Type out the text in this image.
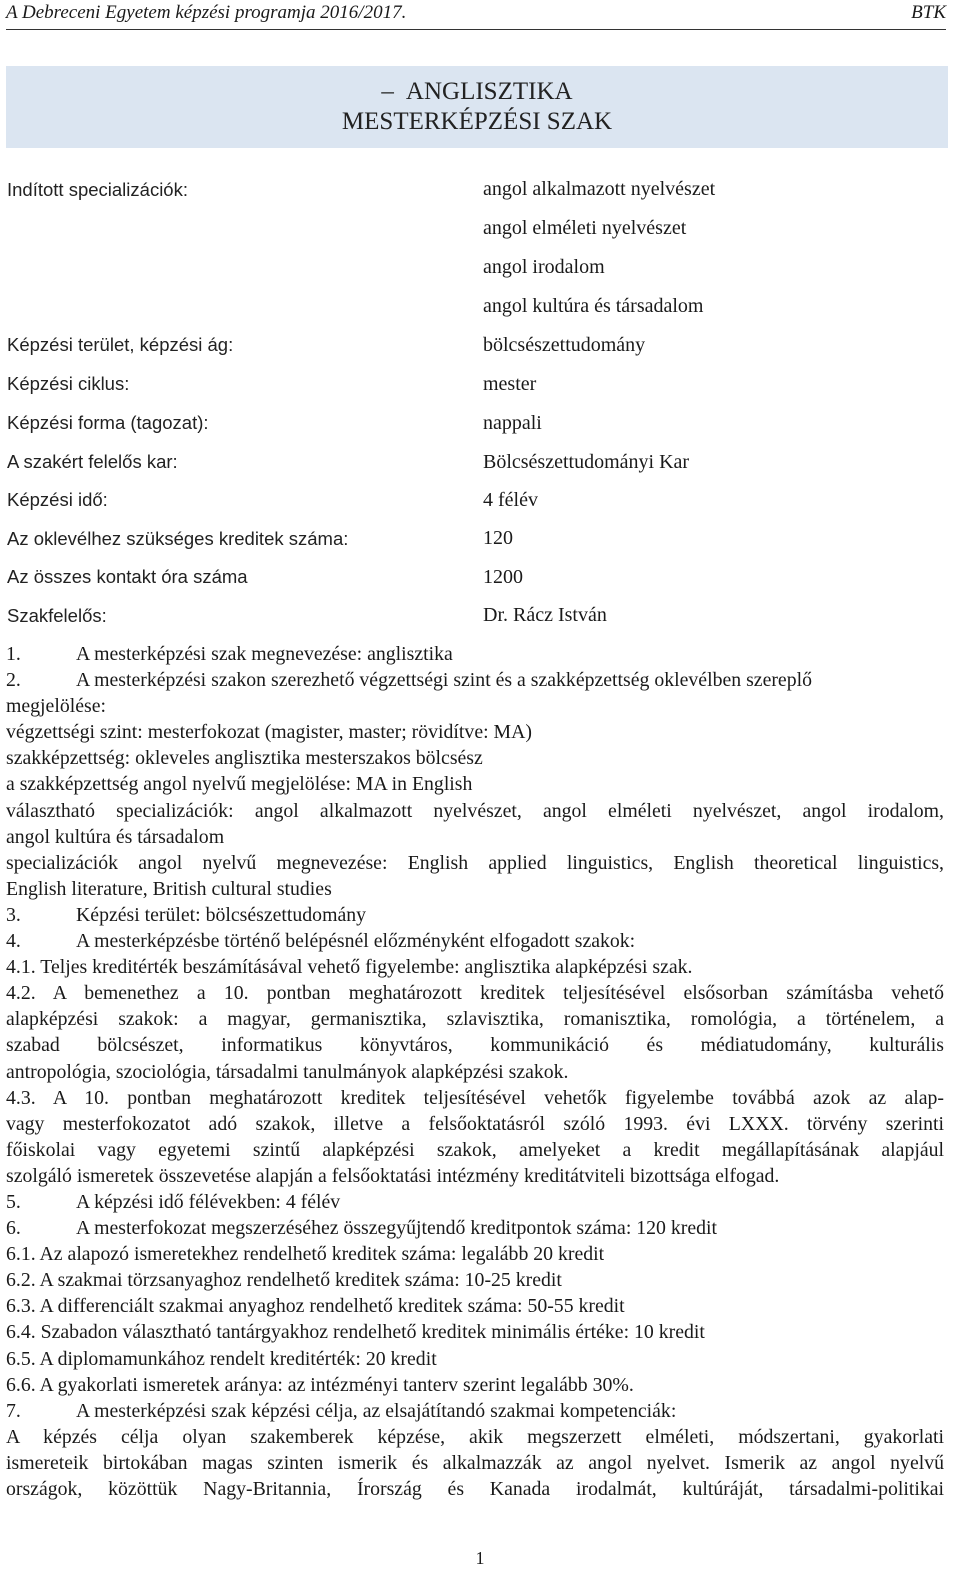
A Debreceni Egyetem képzési programja 2016/2017.	BTK
– ANGLISZTIKA
MESTERKÉPZÉSI SZAK
Indított specializációk:	angol alkalmazott nyelvészet
angol elméleti nyelvészet
angol irodalom
angol kultúra és társadalom
Képzési terület, képzési ág:	bölcsészettudomány
Képzési ciklus:	mester
Képzési forma (tagozat):	nappali
A szakért felelős kar:	Bölcsészettudományi Kar
Képzési idő:	4 félév
Az oklevélhez szükséges kreditek száma:	120
Az összes kontakt óra száma	1200
Szakfelelős:	Dr. Rácz István
1.	A mesterképzési szak megnevezése: anglisztika
2.	A mesterképzési szakon szerezhető végzettségi szint és a szakképzettség oklevélben szereplő
megjelölése:
végzettségi szint: mesterfokozat (magister, master; rövidítve: MA)
szakképzettség: okleveles anglisztika mesterszakos bölcsész
a szakképzettség angol nyelvű megjelölése: MA in English
választható specializációk: angol alkalmazott nyelvészet, angol elméleti nyelvészet, angol irodalom,
angol kultúra és társadalom
specializációk angol nyelvű megnevezése: English applied linguistics, English theoretical linguistics,
English literature, British cultural studies
3.	Képzési terület: bölcsészettudomány
4.	A mesterképzésbe történő belépésnél előzményként elfogadott szakok:
4.1. Teljes kreditérték beszámításával vehető figyelembe: anglisztika alapképzési szak.
4.2. A bemenethez a 10. pontban meghatározott kreditek teljesítésével elsősorban számításba vehető
alapképzési szakok: a magyar, germanisztika, szlavisztika, romanisztika, romológia, a történelem, a
szabad bölcsészet, informatikus könyvtáros, kommunikáció és médiatudomány, kulturális
antropológia, szociológia, társadalmi tanulmányok alapképzési szakok.
4.3. A 10. pontban meghatározott kreditek teljesítésével vehetők figyelembe továbbá azok az alap-
vagy mesterfokozatot adó szakok, illetve a felsőoktatásról szóló 1993. évi LXXX. törvény szerinti
főiskolai vagy egyetemi szintű alapképzési szakok, amelyeket a kredit megállapításának alapjául
szolgáló ismeretek összevetése alapján a felsőoktatási intézmény kreditátviteli bizottsága elfogad.
5.	A képzési idő félévekben: 4 félév
6.	A mesterfokozat megszerzéséhez összegyűjtendő kreditpontok száma: 120 kredit
6.1. Az alapozó ismeretekhez rendelhető kreditek száma: legalább 20 kredit
6.2. A szakmai törzsanyaghoz rendelhető kreditek száma: 10-25 kredit
6.3. A differenciált szakmai anyaghoz rendelhető kreditek száma: 50-55 kredit
6.4. Szabadon választható tantárgyakhoz rendelhető kreditek minimális értéke: 10 kredit
6.5. A diplomamunkához rendelt kreditérték: 20 kredit
6.6. A gyakorlati ismeretek aránya: az intézményi tanterv szerint legalább 30%.
7.	A mesterképzési szak képzési célja, az elsajátítandó szakmai kompetenciák:
A képzés célja olyan szakemberek képzése, akik megszerzett elméleti, módszertani, gyakorlati
ismereteik birtokában magas szinten ismerik és alkalmazzák az angol nyelvet. Ismerik az angol nyelvű
országok, közöttük Nagy-Britannia, Írország és Kanada irodalmát, kultúráját, társadalmi-politikai
1
